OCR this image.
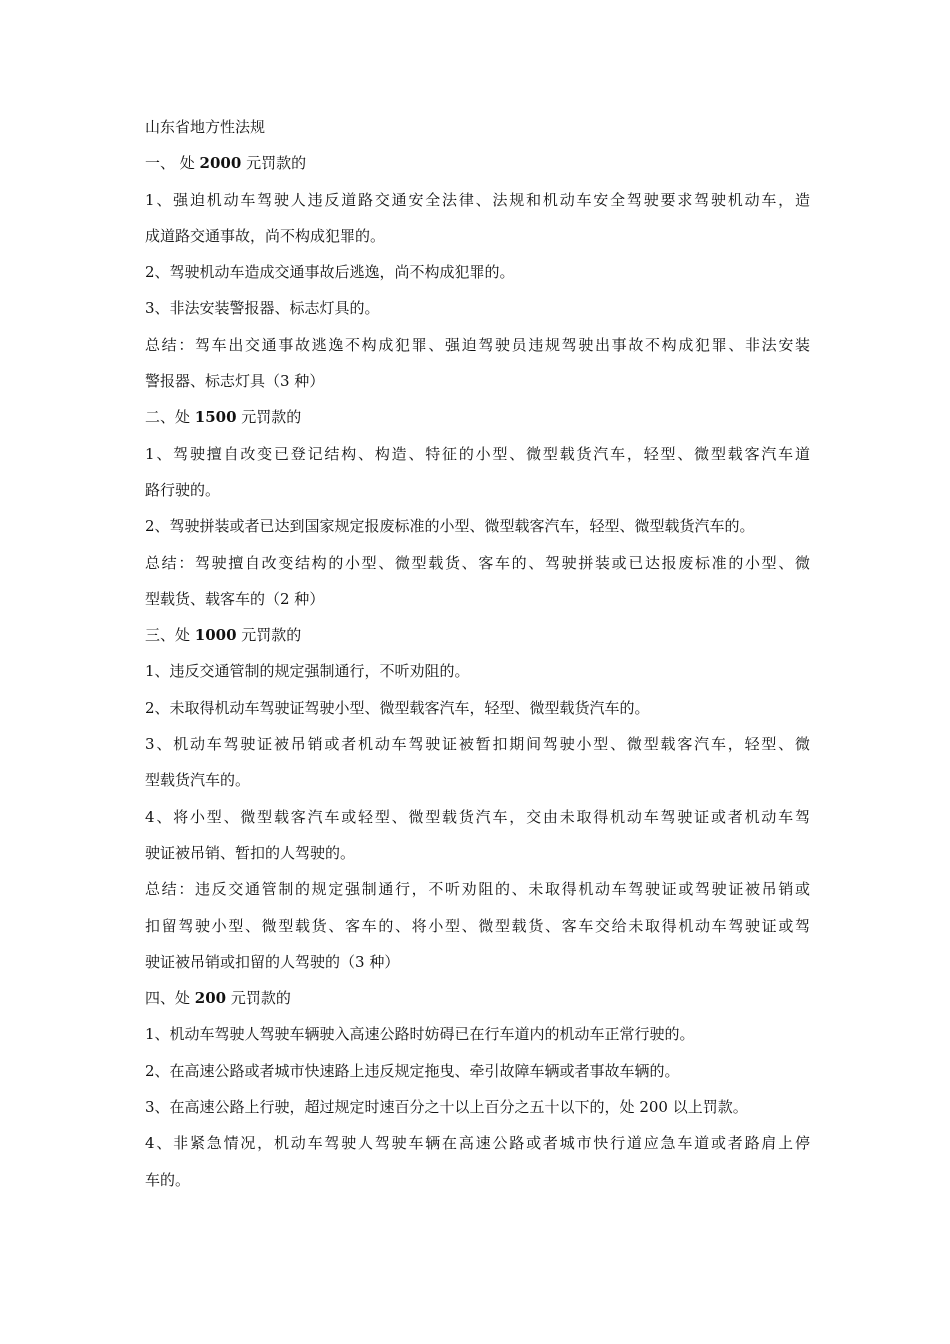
山东省地方性法规
一、 处 2000 元罚款的
1、强迫机动车驾驶人违反道路交通安全法律、法规和机动车安全驾驶要求驾驶机动车，造
成道路交通事故，尚不构成犯罪的。
2、驾驶机动车造成交通事故后逃逸，尚不构成犯罪的。
3、非法安装警报器、标志灯具的。
总结：驾车出交通事故逃逸不构成犯罪、强迫驾驶员违规驾驶出事故不构成犯罪、非法安装
警报器、标志灯具（3 种）
二、处 1500 元罚款的
1、驾驶擅自改变已登记结构、构造、特征的小型、微型载货汽车，轻型、微型载客汽车道
路行驶的。
2、驾驶拼装或者已达到国家规定报废标准的小型、微型载客汽车，轻型、微型载货汽车的。
总结：驾驶擅自改变结构的小型、微型载货、客车的、驾驶拼装或已达报废标准的小型、微
型载货、载客车的（2 种）
三、处 1000 元罚款的
1、违反交通管制的规定强制通行，不听劝阻的。
2、未取得机动车驾驶证驾驶小型、微型载客汽车，轻型、微型载货汽车的。
3、机动车驾驶证被吊销或者机动车驾驶证被暂扣期间驾驶小型、微型载客汽车，轻型、微
型载货汽车的。
4、将小型、微型载客汽车或轻型、微型载货汽车，交由未取得机动车驾驶证或者机动车驾
驶证被吊销、暂扣的人驾驶的。
总结：违反交通管制的规定强制通行，不听劝阻的、未取得机动车驾驶证或驾驶证被吊销或
扣留驾驶小型、微型载货、客车的、将小型、微型载货、客车交给未取得机动车驾驶证或驾
驶证被吊销或扣留的人驾驶的（3 种）
四、处 200 元罚款的
1、机动车驾驶人驾驶车辆驶入高速公路时妨碍已在行车道内的机动车正常行驶的。
2、在高速公路或者城市快速路上违反规定拖曳、牵引故障车辆或者事故车辆的。
3、在高速公路上行驶，超过规定时速百分之十以上百分之五十以下的，处 200 以上罚款。
4、非紧急情况，机动车驾驶人驾驶车辆在高速公路或者城市快行道应急车道或者路肩上停
车的。
